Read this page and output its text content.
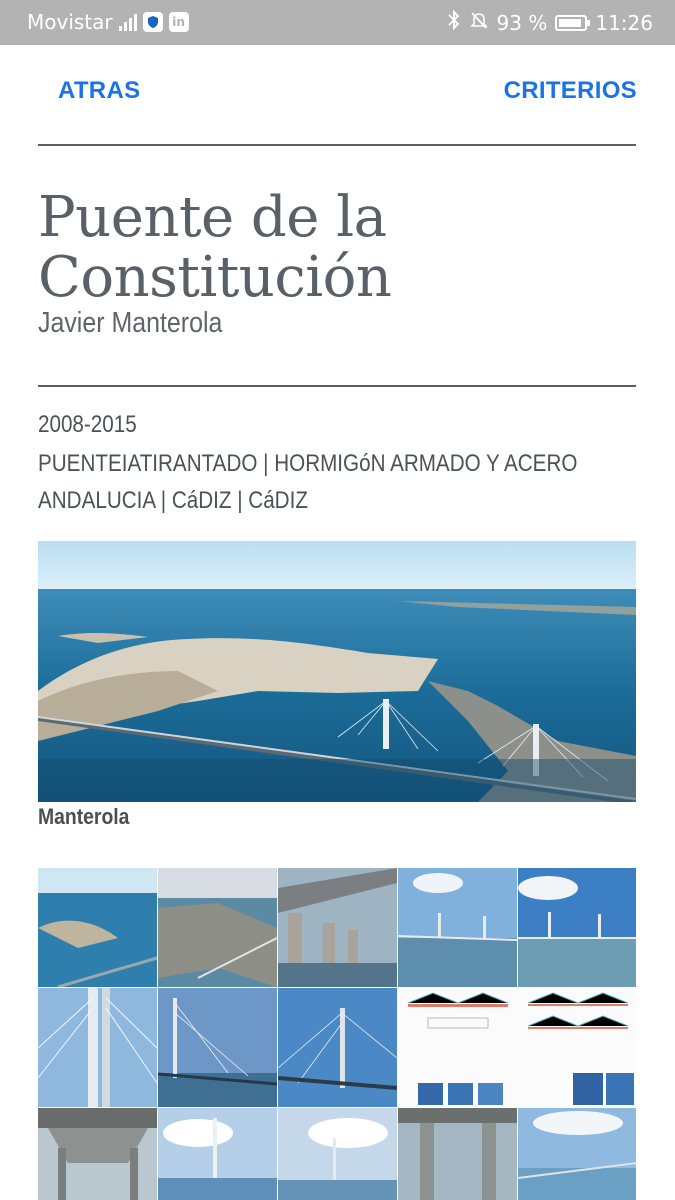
Movistar	in	93 % 11:26
ATRAS	CRITERIOS
Puente de la Constitución
Javier Manterola
2008-2015
PUENTEIATIRANTADO | HORMIGóN ARMADO Y ACERO
ANDALUCIA | CáDIZ | CáDIZ
Manterola
